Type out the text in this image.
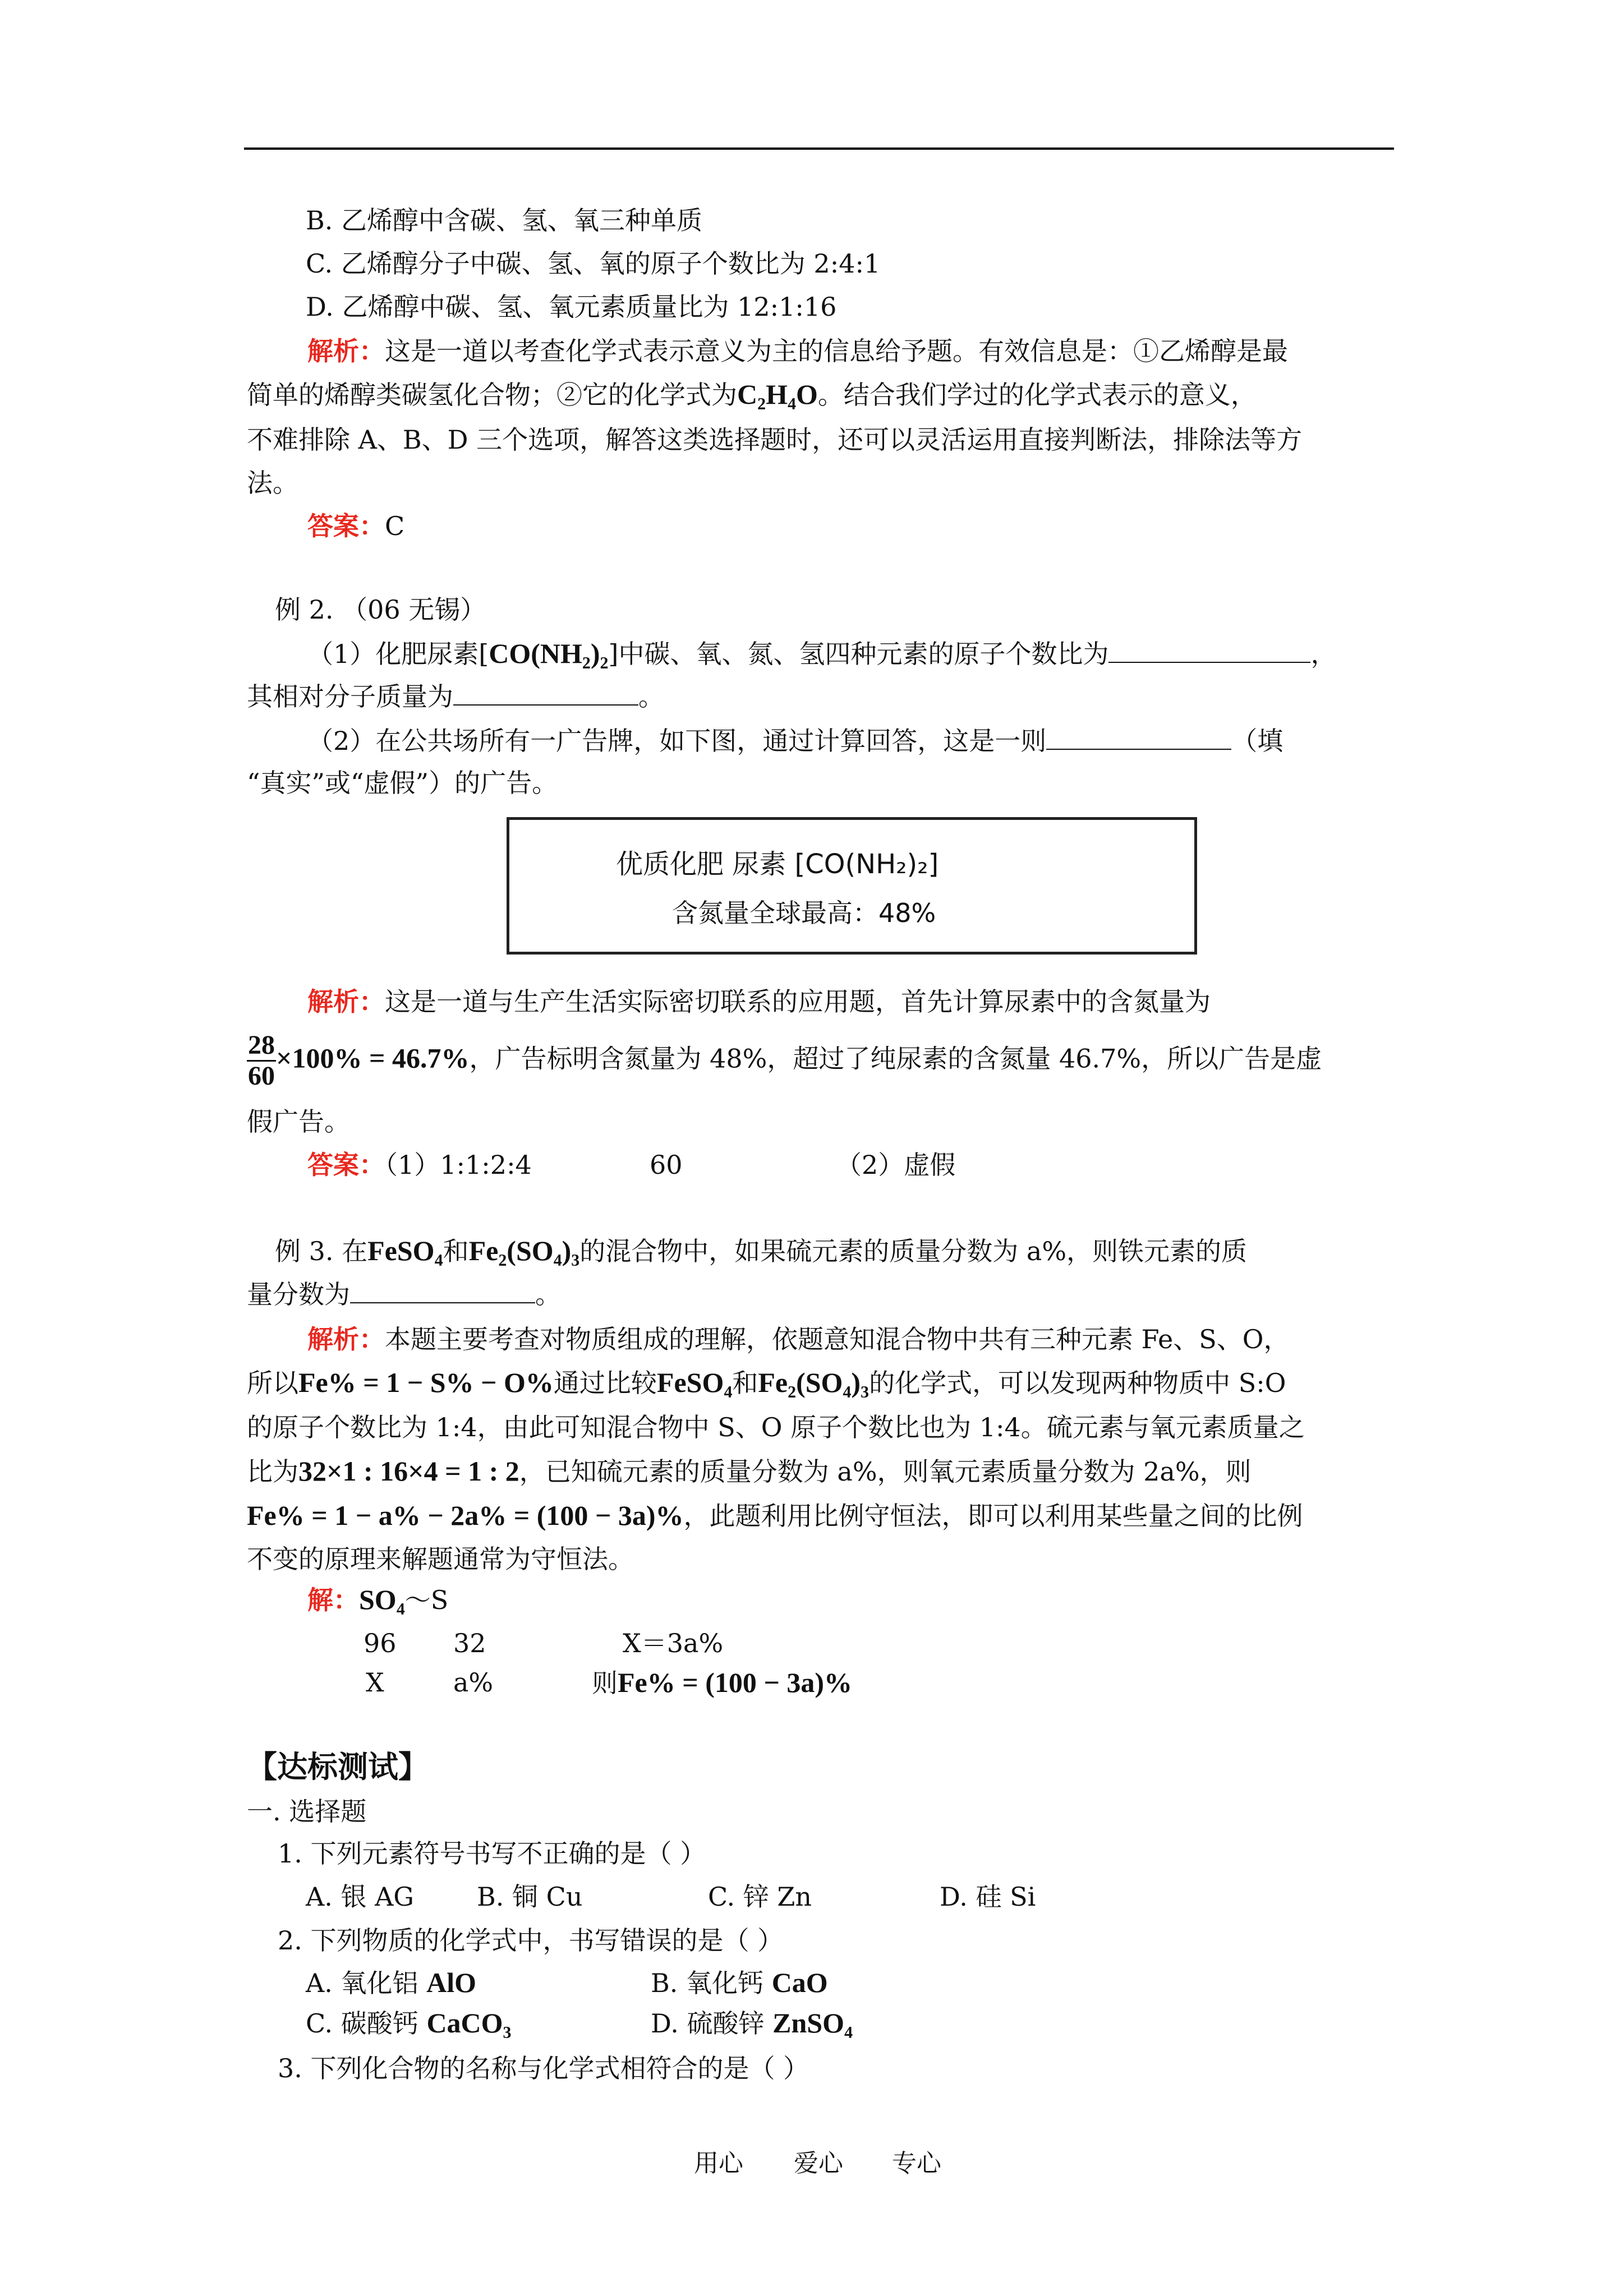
B. 乙烯醇中含碳、氢、氧三种单质
C. 乙烯醇分子中碳、氢、氧的原子个数比为 2:4:1
D. 乙烯醇中碳、氢、氧元素质量比为 12:1:16
解析：这是一道以考查化学式表示意义为主的信息给予题。有效信息是：①乙烯醇是最
简单的烯醇类碳氢化合物；②它的化学式为C₂H₄O。结合我们学过的化学式表示的意义，
不难排除 A、B、D 三个选项，解答这类选择题时，还可以灵活运用直接判断法，排除法等方
法。
答案：C
例 2. （06 无锡）
（1）化肥尿素[CO(NH₂)₂]中碳、氧、氮、氢四种元素的原子个数比为	，
其相对分子质量为	。
（2）在公共场所有一广告牌，如下图，通过计算回答，这是一则	（填
“真实”或“虚假”）的广告。
优质化肥 尿素 [CO(NH₂)₂]
含氮量全球最高：48%
解析：这是一道与生产生活实际密切联系的应用题，首先计算尿素中的含氮量为
$\frac{28}{60} \times 100\% = 46.7\%$，广告标明含氮量为 48%，超过了纯尿素的含氮量 46.7%，所以广告是虚
假广告。
答案：（1）1:1:2:4	60	（2）虚假
例 3. 在FeSO₄和Fe₂(SO₄)₃的混合物中，如果硫元素的质量分数为 a%，则铁元素的质
量分数为	。
解析：本题主要考查对物质组成的理解，依题意知混合物中共有三种元素 Fe、S、O，
所以Fe% = 1 − S% − O%通过比较FeSO₄和Fe₂(SO₄)₃的化学式，可以发现两种物质中 S:O
的原子个数比为 1:4，由此可知混合物中 S、O 原子个数比也为 1:4。硫元素与氧元素质量之
比为32×1 : 16×4 = 1 : 2，已知硫元素的质量分数为 a%，则氧元素质量分数为 2a%，则
Fe% = 1 − a% − 2a% = (100 − 3a)%，此题利用比例守恒法，即可以利用某些量之间的比例
不变的原理来解题通常为守恒法。
解：SO₄～S
96 32	X＝3a%
X	a%	则Fe% = (100 − 3a)%
【达标测试】
一. 选择题
1. 下列元素符号书写不正确的是（ ）
A. 银 AG B. 铜 Cu	C. 锌 Zn	D. 硅 Si
2. 下列物质的化学式中，书写错误的是（ ）
A. 氧化铝 AlO	B. 氧化钙 CaO
C. 碳酸钙 CaCO₃	D. 硫酸锌 ZnSO₄
3. 下列化合物的名称与化学式相符合的是（ ）
用心 爱心 专心
